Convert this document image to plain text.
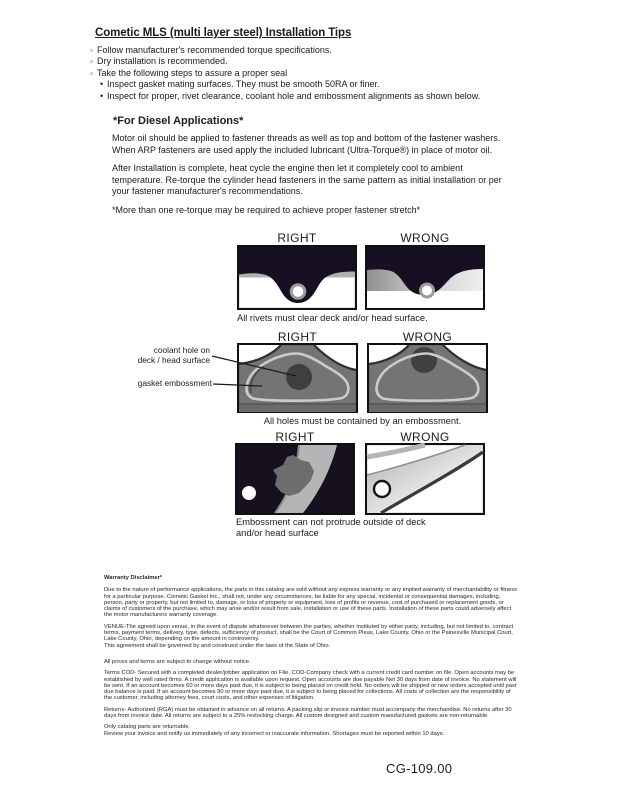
Cometic MLS (multi layer steel) Installation Tips
◦ Follow manufacturer's recommended torque specifications.
◦ Dry installation is recommended.
◦ Take the following steps to assure a proper seal
• Inspect gasket mating surfaces. They must be smooth 50RA or finer.
• Inspect for proper, rivet clearance, coolant hole and embossment alignments as shown below.
*For Diesel Applications*

Motor oil should be applied to fastener threads as well as top and bottom of the fastener washers. When ARP fasteners are used apply the included lubricant (Ultra-Torque®) in place of motor oil.

After Installation is complete, heat cycle the engine then let it completely cool to ambient temperature. Re-torque the cylinder head fasteners in the same pattern as initial installation or per your fastener manufacturer's recommendations.

*More than one re-torque may be required to achieve proper fastener stretch*

RIGHT	WRONG
All rivets must clear deck and/or head surface.
RIGHT	WRONG
coolant hole on
deck / head surface
gasket embossment
All holes must be contained by an embossment.
RIGHT	WRONG
Embossment can not protrude outside of deck
and/or head surface

Warranty Disclaimer*

Due to the nature of performance applications, the parts in this catalog are sold without any express warranty or any implied warranty of merchantability or fitness for a particular purpose. Cometic Gasket Inc., shall not, under any circumstances, be liable for any special, incidental or consequential damages, including, person, party or property, but not limited to, damage, or loss of property or equipment, loss of profits or revenue, cost of purchased or replacement goods, or claims of customers of the purchase, which may arise and/or result from sale, installation or use of these parts. Installation of these parts could adversely affect the motor manufacturers warranty coverage.

VENUE-The agreed upon venue, in the event of dispute whatsoever between the parties, whether instituted by either party, including, but not limited to, contract terms, payment terms, delivery, type, defects, sufficiency of product, shall be the Court of Common Pleas, Lake County, Ohio or the Painesville Municipal Court, Lake County, Ohio, depending on the amount in controversy.

This agreement shall be governed by and construed under the laws of the State of Ohio.

All prices and terms are subject to change without notice.

Terms COD- Secured with a completed dealer/jobber application on File, COD-Company check with a current credit card number on file. Open accounts may be established by well rated firms. A credit application is available upon request. Open accounts are due payable Net 30 days from date of invoice. No statement will be sent. If an account becomes 60 or more days past due, it is subject to being placed on credit hold. No orders will be shipped or new orders accepted until past due balance is paid. If an account becomes 90 or more days past due, it is subject to being placed for collections. All costs of collection are the responsibility of the customer, including attorney fees, court costs, and other expenses of litigation.

Returns- Authorized (RGA) must be obtained in advance on all returns. A packing slip or invoice number must accompany the merchandise. No returns after 30 days from invoice date. All returns are subject to a 25% restocking charge. All custom designed and custom manufactured gaskets are non-returnable.

Only catalog parts are returnable.

Review your invoice and notify us immediately of any incorrect or inaccurate information. Shortages must be reported within 10 days.

CG-109.00
